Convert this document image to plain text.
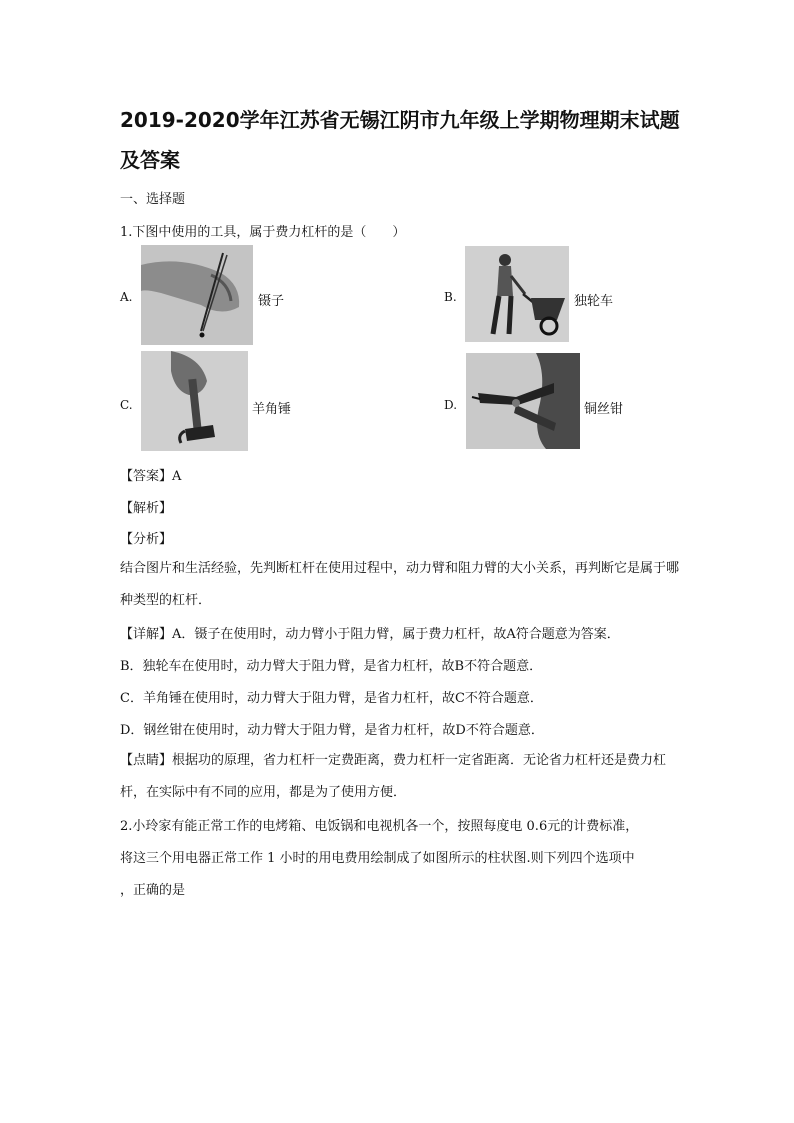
2019-2020学年江苏省无锡江阴市九年级上学期物理期末试题及答案
一、选择题
1.下图中使用的工具，属于费力杠杆的是（　　）
A.	镊子	B.	独轮车
C.	羊角锤	D.	铜丝钳
【答案】A
【解析】
【分析】
结合图片和生活经验，先判断杠杆在使用过程中，动力臂和阻力臂的大小关系，再判断它是属于哪种类型的杠杆．
【详解】A．镊子在使用时，动力臂小于阻力臂，属于费力杠杆，故A符合题意为答案．
B．独轮车在使用时，动力臂大于阻力臂，是省力杠杆，故B不符合题意．
C．羊角锤在使用时，动力臂大于阻力臂，是省力杠杆，故C不符合题意．
D．钢丝钳在使用时，动力臂大于阻力臂，是省力杠杆，故D不符合题意．
【点睛】根据功的原理，省力杠杆一定费距离，费力杠杆一定省距离．无论省力杠杆还是费力杠杆，在实际中有不同的应用，都是为了使用方便．
2.小玲家有能正常工作的电烤箱、电饭锅和电视机各一个，按照每度电 0.6元的计费标准，
将这三个用电器正常工作 1 小时的用电费用绘制成了如图所示的柱状图.则下列四个选项中
，正确的是
